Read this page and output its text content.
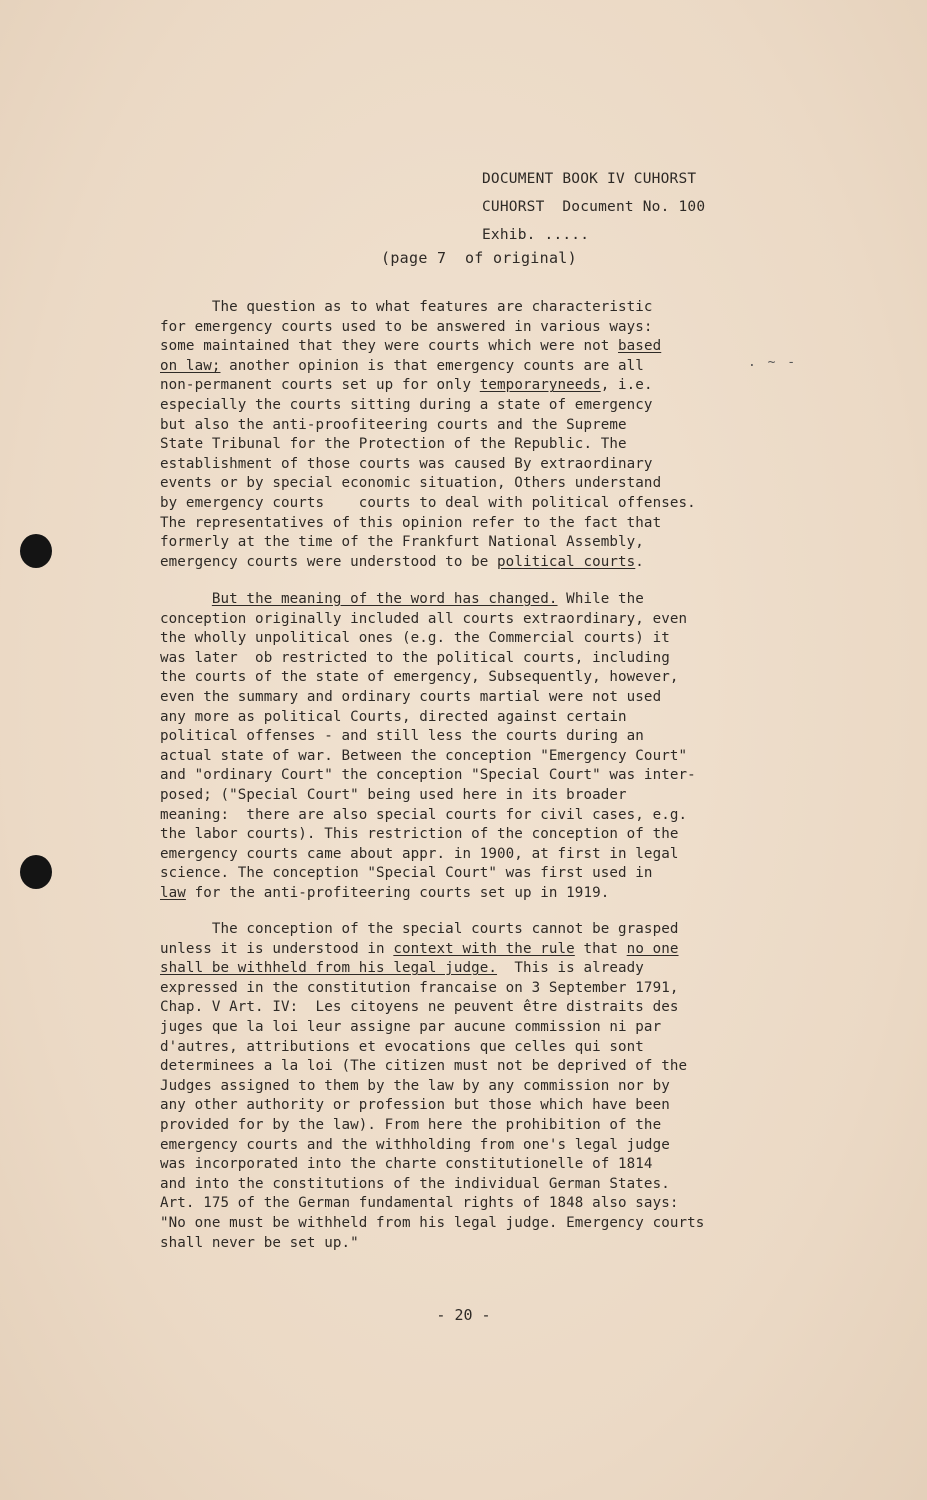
DOCUMENT BOOK IV CUHORST
CUHORST  Document No. 100
Exhib. .....
(page 7  of original)
. ~ -
The question as to what features are characteristic
for emergency courts used to be answered in various ways:
some maintained that they were courts which were not based
on law; another opinion is that emergency counts are all
non-permanent courts set up for only temporaryneeds, i.e.
especially the courts sitting during a state of emergency
but also the anti-proofiteering courts and the Supreme
State Tribunal for the Protection of the Republic. The
establishment of those courts was caused By extraordinary
events or by special economic situation, Others understand
by emergency courts    courts to deal with political offenses.
The representatives of this opinion refer to the fact that
formerly at the time of the Frankfurt National Assembly,
emergency courts were understood to be political courts.
But the meaning of the word has changed. While the
conception originally included all courts extraordinary, even
the wholly unpolitical ones (e.g. the Commercial courts) it
was later  ob restricted to the political courts, including
the courts of the state of emergency, Subsequently, however,
even the summary and ordinary courts martial were not used
any more as political Courts, directed against certain
political offenses - and still less the courts during an
actual state of war. Between the conception "Emergency Court"
and "ordinary Court" the conception "Special Court" was inter-
posed; ("Special Court" being used here in its broader
meaning:  there are also special courts for civil cases, e.g.
the labor courts). This restriction of the conception of the
emergency courts came about appr. in 1900, at first in legal
science. The conception "Special Court" was first used in
law for the anti-profiteering courts set up in 1919.
The conception of the special courts cannot be grasped
unless it is understood in context with the rule that no one
shall be withheld from his legal judge.  This is already
expressed in the constitution francaise on 3 September 1791,
Chap. V Art. IV:  Les citoyens ne peuvent être distraits des
juges que la loi leur assigne par aucune commission ni par
d'autres, attributions et evocations que celles qui sont
determinees a la loi (The citizen must not be deprived of the
Judges assigned to them by the law by any commission nor by
any other authority or profession but those which have been
provided for by the law). From here the prohibition of the
emergency courts and the withholding from one's legal judge
was incorporated into the charte constitutionelle of 1814
and into the constitutions of the individual German States.
Art. 175 of the German fundamental rights of 1848 also says:
"No one must be withheld from his legal judge. Emergency courts
shall never be set up."
- 20 -
